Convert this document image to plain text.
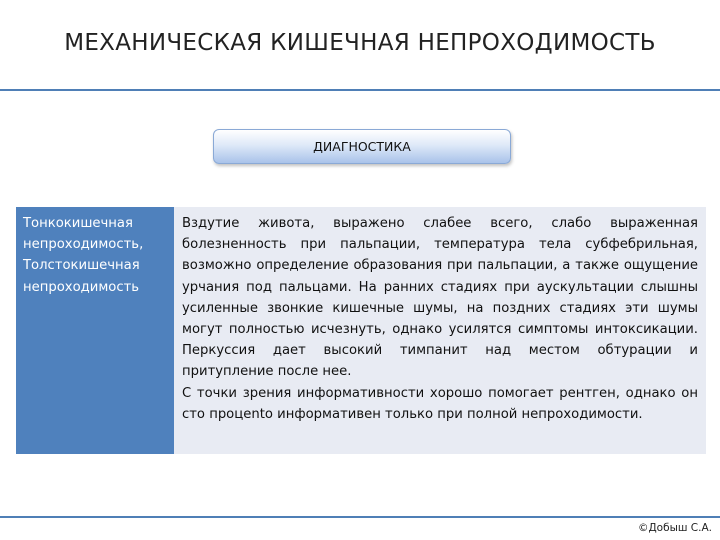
МЕХАНИЧЕСКАЯ КИШЕЧНАЯ НЕПРОХОДИМОСТЬ
ДИАГНОСТИКА
Тонкокишечная
непроходимость,
Толстокишечная
непроходимость

Вздутие живота, выражено слабее всего, слабо выраженная болезненность при пальпации, температура тела субфебрильная, возможно определение образования при пальпации, а также ощущение урчания под пальцами. На ранних стадиях при аускультации слышны усиленные звонкие кишечные шумы, на поздних стадиях эти шумы могут полностью исчезнуть, однако усилятся симптомы интоксикации. Перкуссия дает высокий тимпанит над местом обтурации и притупление после нее.

С точки зрения информативности хорошо помогает рентген, однако он сто процento информативен только при полной непроходимости.

©Добыш С.А.
